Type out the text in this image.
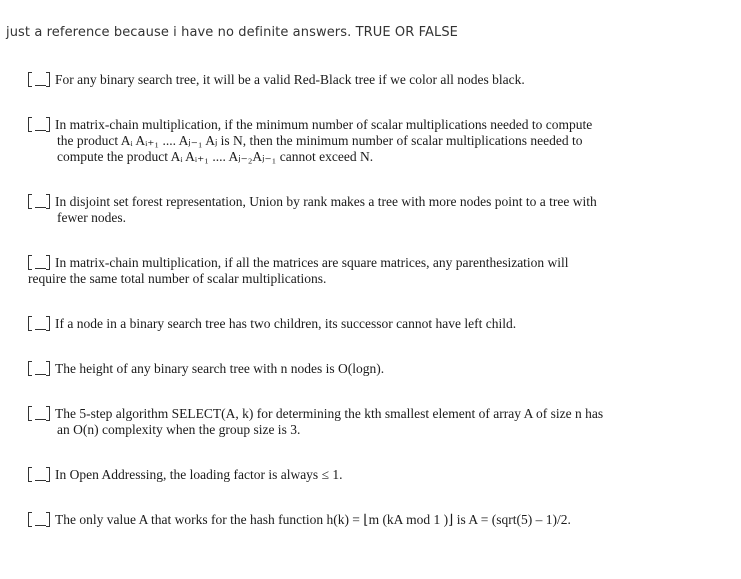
just a reference because i have no definite answers. TRUE OR FALSE
For any binary search tree, it will be a valid Red-Black tree if we color all nodes black.
In matrix-chain multiplication, if the minimum number of scalar multiplications needed to compute
the product Aᵢ Aᵢ₊₁ .... Aⱼ₋₁ Aⱼ is N, then the minimum number of scalar multiplications needed to
compute the product Aᵢ Aᵢ₊₁ .... Aⱼ₋₂Aⱼ₋₁ cannot exceed N.
In disjoint set forest representation, Union by rank makes a tree with more nodes point to a tree with
fewer nodes.
In matrix-chain multiplication, if all the matrices are square matrices, any parenthesization will
require the same total number of scalar multiplications.
If a node in a binary search tree has two children, its successor cannot have left child.
The height of any binary search tree with n nodes is O(logn).
The 5-step algorithm SELECT(A, k) for determining the kth smallest element of array A of size n has
an O(n) complexity when the group size is 3.
In Open Addressing, the loading factor is always ≤ 1.
The only value A that works for the hash function h(k) = ⌊m (kA mod 1 )⌋ is A = (sqrt(5) – 1)/2.
